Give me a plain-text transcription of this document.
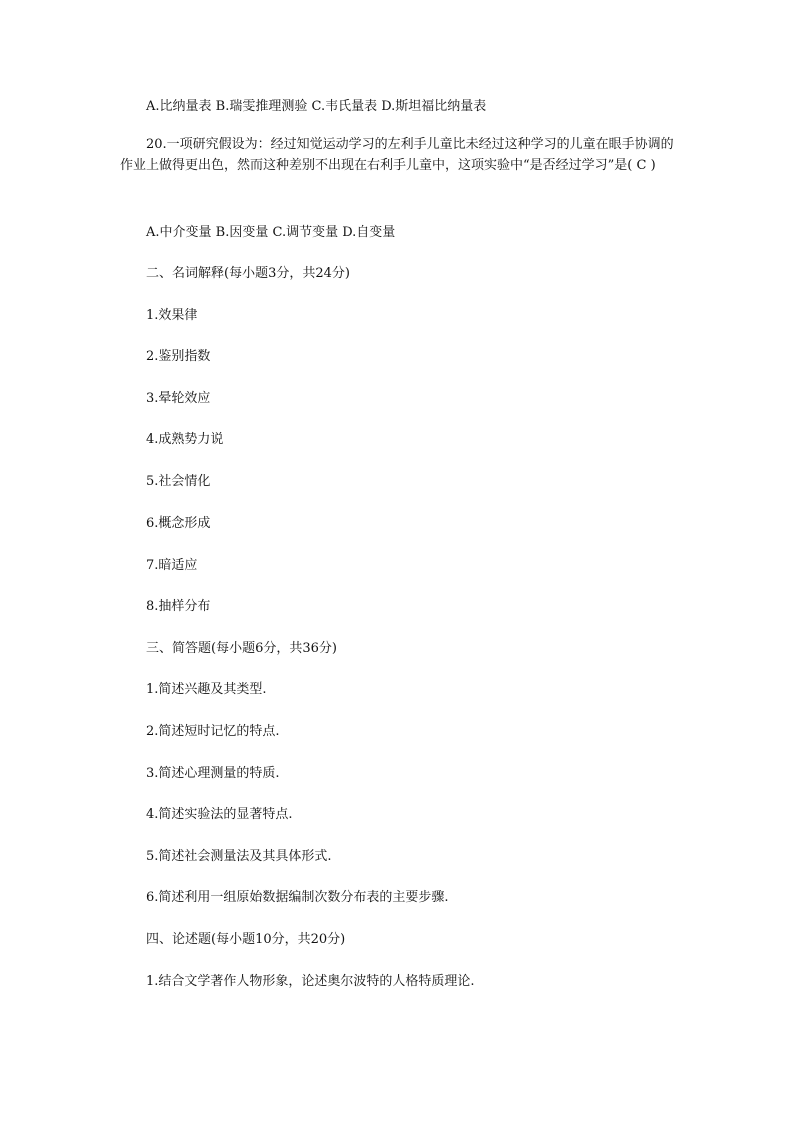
A.比纳量表 B.瑞雯推理测验 C.韦氏量表 D.斯坦福比纳量表
20.一项研究假设为：经过知觉运动学习的左利手儿童比未经过这种学习的儿童在眼手协调的作业上做得更出色，然而这种差别不出现在右利手儿童中，这项实验中“是否经过学习”是( C )
A.中介变量 B.因变量 C.调节变量 D.自变量
二、名词解释(每小题3分，共24分)
1.效果律
2.鉴别指数
3.晕轮效应
4.成熟势力说
5.社会情化
6.概念形成
7.暗适应
8.抽样分布
三、简答题(每小题6分，共36分)
1.简述兴趣及其类型.
2.简述短时记忆的特点.
3.简述心理测量的特质.
4.简述实验法的显著特点.
5.简述社会测量法及其具体形式.
6.简述利用一组原始数据编制次数分布表的主要步骤.
四、论述题(每小题10分，共20分)
1.结合文学著作人物形象，论述奥尔波特的人格特质理论.
